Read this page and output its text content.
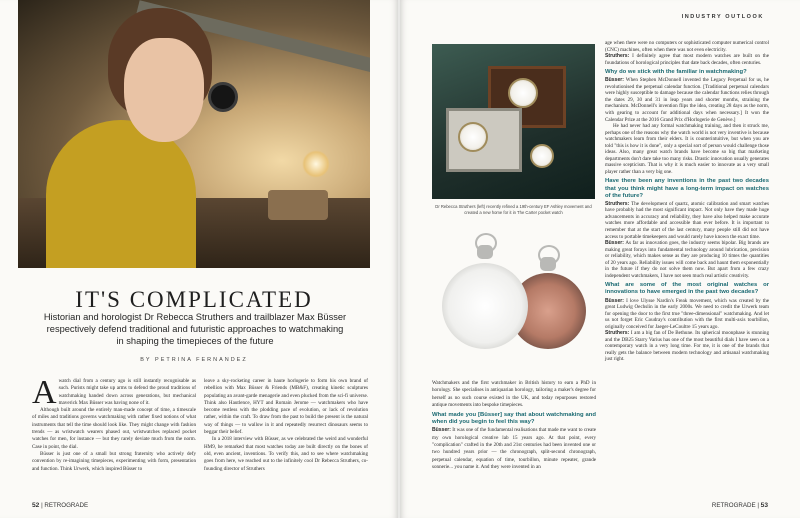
IT'S COMPLICATED

Historian and horologist Dr Rebecca Struthers and trailblazer Max Büsser respectively defend traditional and futuristic approaches to watchmaking in shaping the timepieces of the future

BY PETRINA FERNANDEZ

Awatch dial from a century ago is still instantly recognisable as such. Purists might take up arms to defend the proud traditions of watchmaking handed down across generations, but mechanical maverick Max Büsser was having none of it.

Although built around the entirely man-made concept of time, a timescale of miles and traditions governs watchmaking with rather fixed notions of what instruments that tell the time should look like. They might change with fashion trends — as wristwatch wearers phased out, wristwatches replaced pocket watches for men, for instance — but they rarely deviate much from the norm. Case in point, the dial.

Büsser is just one of a small but strong fraternity who actively defy convention by re-imagining timepieces, experimenting with form, presentation and function. Think Urwerk, which inspired Büsser to

leave a sky-rocketing career in haute horlogerie to form his own brand of rebellion with Max Büsser & Friends (MB&F), creating kinetic sculptures populating an avant-garde menagerie and even plucked from the sci-fi universe. Think also Hautlence, HYT and Romain Jerome — watchmakers who have become restless with the plodding pace of evolution, or lack of revolution rather, within the craft. To draw from the past to build the present is the natural way of things — to wallow in it and repeatedly resurrect dinosaurs seems to beggar their belief.

In a 2018 interview with Büsser, as we celebrated the weird and wonderful HM9, he remarked that most watches today are built directly on the bones of old, even ancient, inventions. To verify this, and to see where watchmaking goes from here, we reached out to the infinitely cool Dr Rebecca Struthers, co-founding director of Struthers

52 | RETROGRADE

INDUSTRY OUTLOOK

Dr Rebecca Struthers (left) recently refined a 19th-century EF Ashley movement and created a new home for it in The Carter pocket watch

Watchmakers and the first watchmaker in British history to earn a PhD in horology. She specialises in antiquarian horology, tailoring a maker's degree for herself as no such course existed in the UK, and today repurposes restored antique movements into bespoke timepieces.

What made you [Büsser] say that about watchmaking and when did you begin to feel this way?

Büsser: It was one of the fundamental realisations that made me want to create my own horological creative lab 15 years ago. At that point, every "complication" crafted in the 20th and 21st centuries had been invented one or two hundred years prior — the chronograph, split-second chronograph, perpetual calendar, equation of time, tourbillon, minute repeater, grande sonnerie... you name it. And they were invented in an

age when there were no computers or sophisticated computer numerical control (CNC) machines, often when there was not even electricity.

Struthers: I definitely agree that most modern watches are built on the foundations of horological principles that date back decades, often centuries.

Why do we stick with the familiar in watchmaking?

Büsser: When Stephen McDonnell invented the Legacy Perpetual for us, he revolutionised the perpetual calendar function. [Traditional perpetual calendars were highly susceptible to damage because the calendar functions relies through the dates 29, 30 and 31 in leap years and shorter months, straining the mechanism. McDonnell's invention flips the idea, creating 28 days as the norm, with gearing to account for additional days when necessary.] It won the Calendar Prize at the 2016 Grand Prix d'Horlogerie de Genève.]

He had never had any formal watchmaking training, and then it struck me, perhaps one of the reasons why the watch world is not very inventive is because watchmakers learn from their elders. It is counterintuitive, but when you are told "this is how it is done", only a special sort of person would challenge those ideas. Also, many great watch brands have become so big that marketing departments don't dare take too many risks. Drastic innovation usually generates massive scepticism. That is why it is much easier to innovate as a very small player rather than a very big one.

Have there been any inventions in the past two decades that you think might have a long-term impact on watches of the future?

Struthers: The development of quartz, atomic calibration and smart watches have probably had the most significant impact. Not only have they made huge advancements in accuracy and reliability, they have also helped make accurate watches more affordable and accessible than ever before. It is important to remember that at the start of the last century, many people still did not have access to portable timekeepers and would rarely have known the exact time.

Büsser: As far as innovation goes, the industry seems bipolar. Big brands are making great forays into fundamental technology around lubrication, precision or reliability, which makes sense as they are producing 10 times the quantities of 20 years ago. Reliability issues will come back and haunt them exponentially in the future if they do not solve them now. But apart from a few crazy independent watchmakers, I have not seen much real artistic creativity.

What are some of the most original watches or innovations to have emerged in the past two decades?

Büsser: I love Ulysse Nardin's Freak movement, which was created by the great Ludwig Oechslin in the early 2000s. We need to credit the Urwerk team for opening the door to the first true "three-dimensional" watchmaking. And let us not forget Eric Coudray's contribution with the first multi-axis tourbillon, originally conceived for Jaeger-LeCoultre 15 years ago.

Struthers: I am a big fan of De Bethune. Its spherical moonphase is stunning and the DB25 Starry Varius has one of the most beautiful dials I have seen on a contemporary watch in a very long time. For me, it is one of the brands that really gets the balance between modern technology and artisanal watchmaking just right.

RETROGRADE | 53
